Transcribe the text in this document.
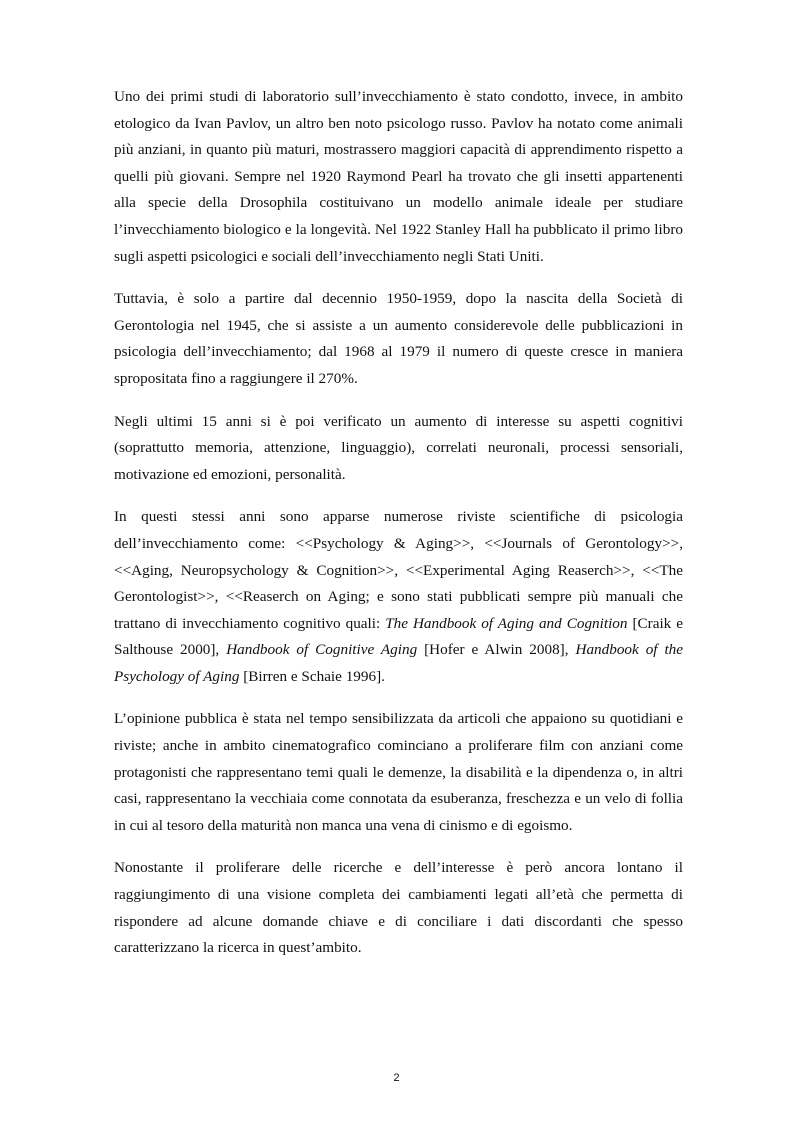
Uno dei primi studi di laboratorio sull’invecchiamento è stato condotto, invece, in ambito etologico da Ivan Pavlov, un altro ben noto psicologo russo. Pavlov ha notato come animali più anziani, in quanto più maturi, mostrassero maggiori capacità di apprendimento rispetto a quelli più giovani. Sempre nel 1920 Raymond Pearl ha trovato che gli insetti appartenenti alla specie della Drosophila costituivano un modello animale ideale per studiare l’invecchiamento biologico e la longevità. Nel 1922 Stanley Hall ha pubblicato il primo libro sugli aspetti psicologici e sociali dell’invecchiamento negli Stati Uniti.

Tuttavia, è solo a partire dal decennio 1950-1959, dopo la nascita della Società di Gerontologia nel 1945, che si assiste a un aumento considerevole delle pubblicazioni in psicologia dell’invecchiamento; dal 1968 al 1979 il numero di queste cresce in maniera spropositata fino a raggiungere il 270%.

Negli ultimi 15 anni si è poi verificato un aumento di interesse su aspetti cognitivi (soprattutto memoria, attenzione, linguaggio), correlati neuronali, processi sensoriali, motivazione ed emozioni, personalità.

In questi stessi anni sono apparse numerose riviste scientifiche di psicologia dell’invecchiamento come: <<Psychology & Aging>>, <<Journals of Gerontology>>, <<Aging, Neuropsychology & Cognition>>, <<Experimental Aging Reaserch>>, <<The Gerontologist>>, <<Reaserch on Aging; e sono stati pubblicati sempre più manuali che trattano di invecchiamento cognitivo quali: The Handbook of Aging and Cognition [Craik e Salthouse 2000], Handbook of Cognitive Aging [Hofer e Alwin 2008], Handbook of the Psychology of Aging [Birren e Schaie 1996].

L’opinione pubblica è stata nel tempo sensibilizzata da articoli che appaiono su quotidiani e riviste; anche in ambito cinematografico cominciano a proliferare film con anziani come protagonisti che rappresentano temi quali le demenze, la disabilità e la dipendenza o, in altri casi, rappresentano la vecchiaia come connotata da esuberanza, freschezza e un velo di follia in cui al tesoro della maturità non manca una vena di cinismo e di egoismo.

Nonostante il proliferare delle ricerche e dell’interesse è però ancora lontano il raggiungimento di una visione completa dei cambiamenti legati all’età che permetta di rispondere ad alcune domande chiave e di conciliare i dati discordanti che spesso caratterizzano la ricerca in quest’ambito.

2
